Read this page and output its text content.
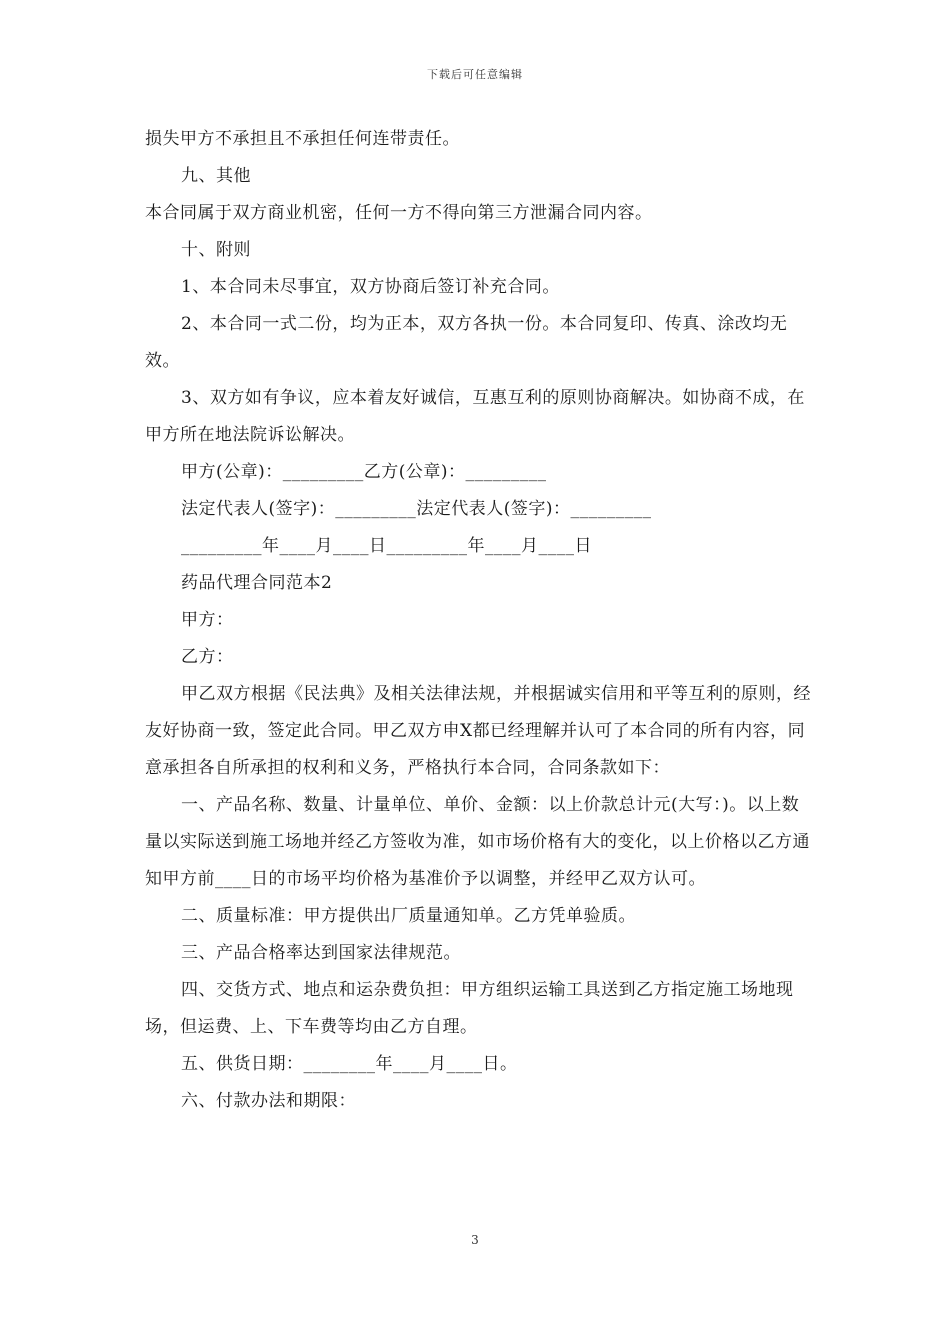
下载后可任意编辑

损失甲方不承担且不承担任何连带责任。

九、其他

本合同属于双方商业机密，任何一方不得向第三方泄漏合同内容。

十、附则

1、本合同未尽事宜，双方协商后签订补充合同。

2、本合同一式二份，均为正本，双方各执一份。本合同复印、传真、涂改均无效。

3、双方如有争议，应本着友好诚信，互惠互利的原则协商解决。如协商不成，在甲方所在地法院诉讼解决。

甲方(公章)：_________乙方(公章)：_________

法定代表人(签字)：_________法定代表人(签字)：_________

_________年____月____日_________年____月____日

药品代理合同范本2

甲方：

乙方：

甲乙双方根据《民法典》及相关法律法规，并根据诚实信用和平等互利的原则，经友好协商一致，签定此合同。甲乙双方申X都已经理解并认可了本合同的所有内容，同意承担各自所承担的权利和义务，严格执行本合同，合同条款如下：

一、产品名称、数量、计量单位、单价、金额：以上价款总计元(大写：)。以上数量以实际送到施工场地并经乙方签收为准，如市场价格有大的变化，以上价格以乙方通知甲方前____日的市场平均价格为基准价予以调整，并经甲乙双方认可。

二、质量标准：甲方提供出厂质量通知单。乙方凭单验质。

三、产品合格率达到国家法律规范。

四、交货方式、地点和运杂费负担：甲方组织运输工具送到乙方指定施工场地现场，但运费、上、下车费等均由乙方自理。

五、供货日期：________年____月____日。

六、付款办法和期限：

3
